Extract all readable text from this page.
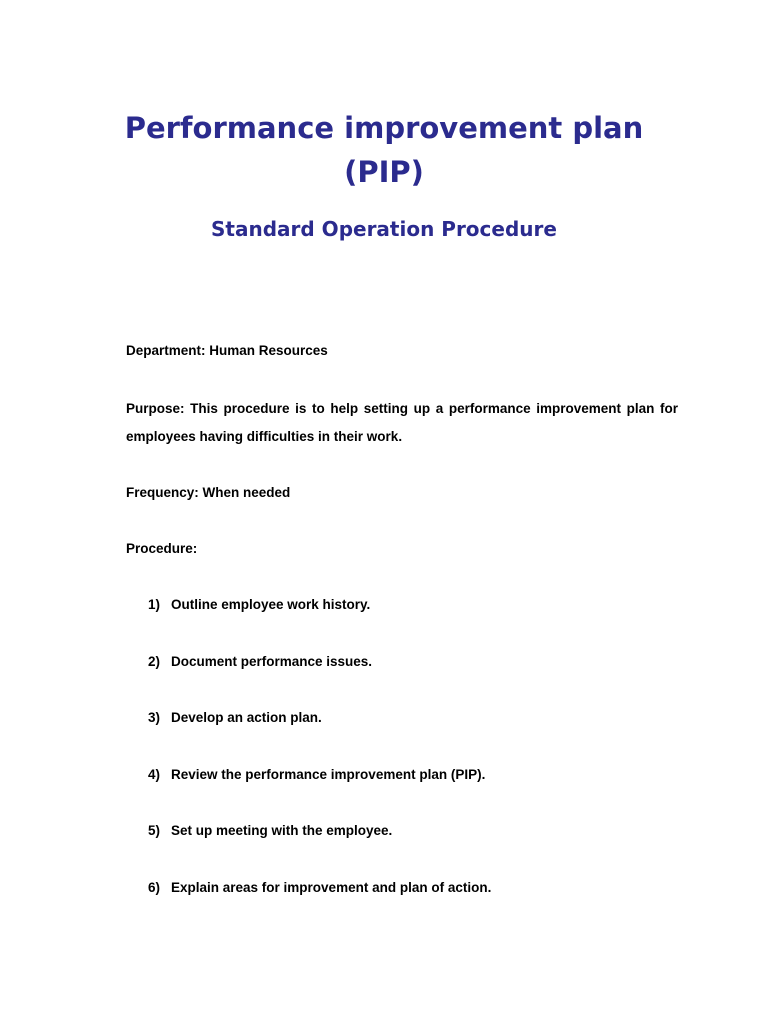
Performance improvement plan (PIP)
Standard Operation Procedure

Department: Human Resources

Purpose: This procedure is to help setting up a performance improvement plan for employees having difficulties in their work.

Frequency: When needed

Procedure:

1) Outline employee work history.
2) Document performance issues.
3) Develop an action plan.
4) Review the performance improvement plan (PIP).
5) Set up meeting with the employee.
6) Explain areas for improvement and plan of action.
